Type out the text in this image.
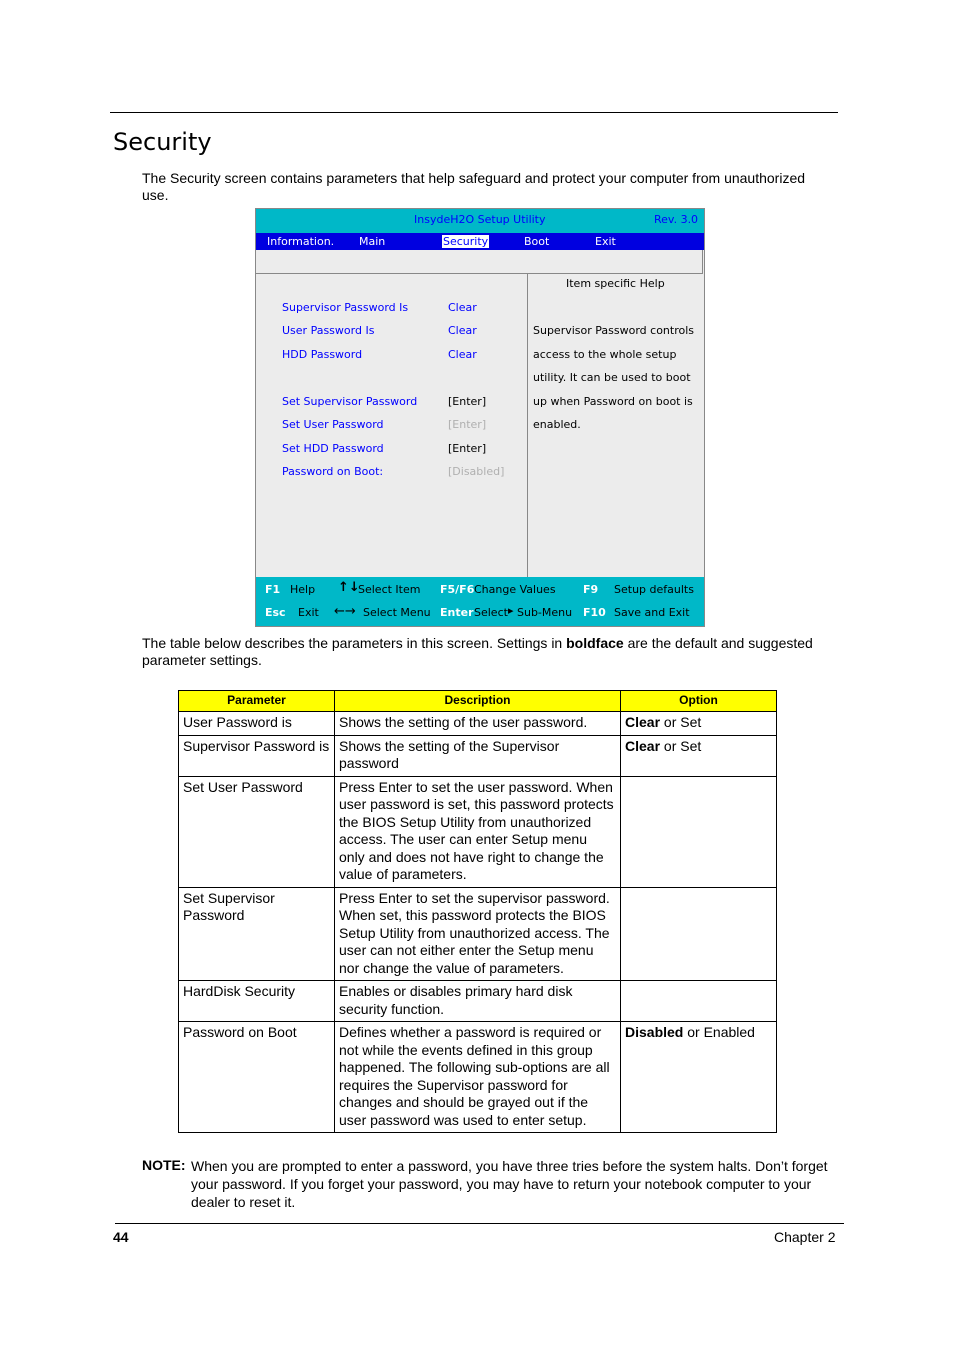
Security
The Security screen contains parameters that help safeguard and protect your computer from unauthorized use.
InsydeH2O Setup Utility	Rev. 3.0
Information. Main	Security	Boot	Exit
Supervisor Password Is	Clear
User Password Is	Clear
HDD Password	Clear
Set Supervisor Password	[Enter]
Set User Password	[Enter]
Set HDD Password	[Enter]
Password on Boot:	[Disabled]
Item specific Help
Supervisor Password controls
access to the whole setup
utility. It can be used to boot
up when Password on boot is
enabled.
F1 Help ↑↓
Select Item F5/F6 Change Values F9 Setup defaults
Esc Exit ←→ Select Menu Enter Select ▸ Sub-Menu F10 Save and Exit
The table below describes the parameters in this screen. Settings in boldface are the default and suggested parameter settings.
Parameter	Description	Option
User Password is	Shows the setting of the user password.	Clear or Set
Supervisor Password is	Shows the setting of the Supervisor password	Clear or Set
Set User Password	Press Enter to set the user password. When user password is set, this password protects the BIOS Setup Utility from unauthorized access. The user can enter Setup menu only and does not have right to change the value of parameters.	
Set Supervisor Password	Press Enter to set the supervisor password. When set, this password protects the BIOS Setup Utility from unauthorized access. The user can not either enter the Setup menu nor change the value of parameters.	
HardDisk Security	Enables or disables primary hard disk security function.	
Password on Boot	Defines whether a password is required or not while the events defined in this group happened. The following sub-options are all requires the Supervisor password for changes and should be grayed out if the user password was used to enter setup.	Disabled or Enabled
NOTE: When you are prompted to enter a password, you have three tries before the system halts. Don’t forget your password. If you forget your password, you may have to return your notebook computer to your dealer to reset it.
44	Chapter 2
